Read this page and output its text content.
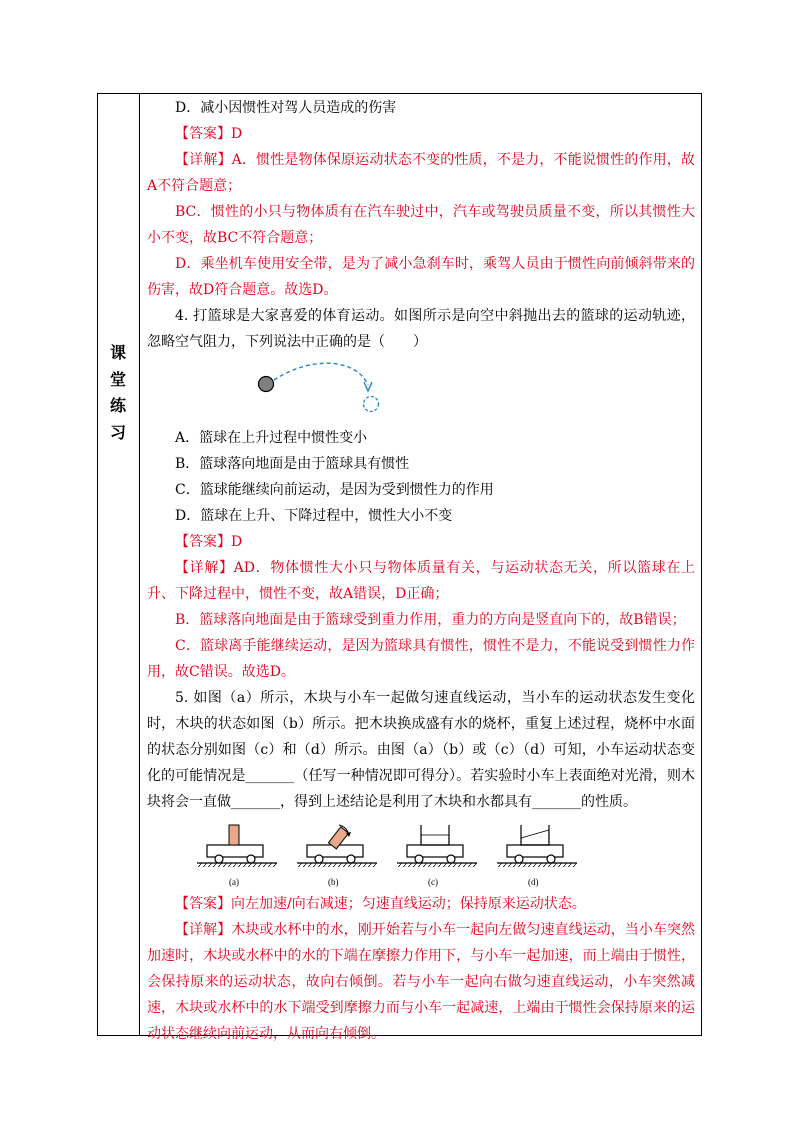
课
堂
练
习

D．减小因惯性对驾人员造成的伤害

【答案】D

【详解】A．惯性是物体保原运动状态不变的性质，不是力，不能说惯性的作用，故A不符合题意；

BC．惯性的小只与物体质有在汽车驶过中，汽车或驾驶员质量不变，所以其惯性大小不变，故BC不符合题意；

D．乘坐机车使用安全带，是为了减小急刹车时，乘驾人员由于惯性向前倾斜带来的伤害，故D符合题意。故选D。

4. 打篮球是大家喜爱的体育运动。如图所示是向空中斜抛出去的篮球的运动轨迹，忽略空气阻力，下列说法中正确的是（　　）

A．篮球在上升过程中惯性变小

B．篮球落向地面是由于篮球具有惯性

C．篮球能继续向前运动，是因为受到惯性力的作用

D．篮球在上升、下降过程中，惯性大小不变

【答案】D

【详解】AD．物体惯性大小只与物体质量有关，与运动状态无关，所以篮球在上升、下降过程中，惯性不变，故A错误，D正确；

B．篮球落向地面是由于篮球受到重力作用，重力的方向是竖直向下的，故B错误；

C．篮球离手能继续运动，是因为篮球具有惯性，惯性不是力，不能说受到惯性力作用，故C错误。故选D。

5. 如图（a）所示，木块与小车一起做匀速直线运动，当小车的运动状态发生变化时，木块的状态如图（b）所示。把木块换成盛有水的烧杯，重复上述过程，烧杯中水面的状态分别如图（c）和（d）所示。由图（a）（b）或（c）（d）可知，小车运动状态变化的可能情况是_______（任写一种情况即可得分）。若实验时小车上表面绝对光滑，则木块将会一直做_______，得到上述结论是利用了木块和水都具有_______的性质。

(a)	(b)	(c)	(d)

【答案】向左加速/向右减速；匀速直线运动；保持原来运动状态。

【详解】木块或水杯中的水，刚开始若与小车一起向左做匀速直线运动，当小车突然加速时，木块或水杯中的水的下端在摩擦力作用下，与小车一起加速，而上端由于惯性，会保持原来的运动状态，故向右倾倒。若与小车一起向右做匀速直线运动，小车突然减速，木块或水杯中的水下端受到摩擦力而与小车一起减速，上端由于惯性会保持原来的运动状态继续向前运动，从而向右倾倒。
